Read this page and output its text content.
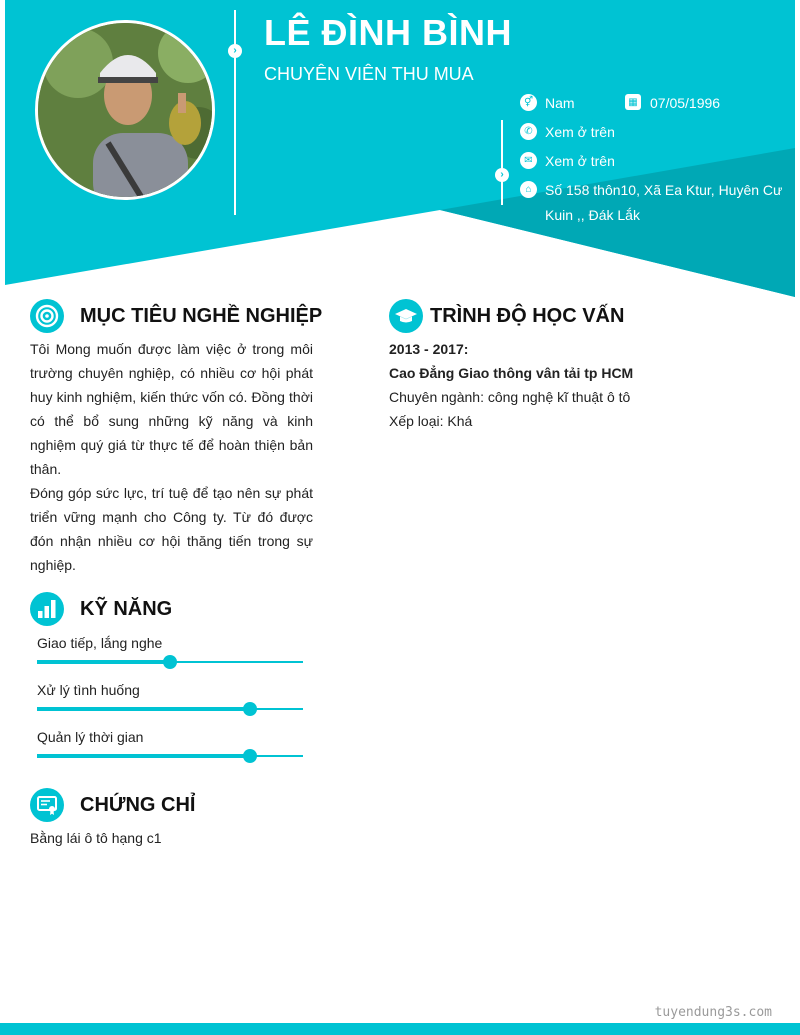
› LÊ ĐÌNH BÌNH
CHUYÊN VIÊN THU MUA
›
⚥ Nam	▦ 07/05/1996
✆ Xem ở trên
✉ Xem ở trên
⌂ Số 158 thôn10, Xã Ea Ktur, Huyên Cư
Kuin ,, Đák Lắk
MỤC TIÊU NGHỀ NGHIỆP

Tôi Mong muốn được làm việc ở trong môi trường chuyên nghiệp, có nhiều cơ hội phát huy kinh nghiệm, kiến thức vốn có. Đồng thời có thể bổ sung những kỹ năng và kinh nghiệm quý giá từ thực tế để hoàn thiện bản thân.

Đóng góp sức lực, trí tuệ để tạo nên sự phát triển vững mạnh cho Công ty. Từ đó được đón nhận nhiều cơ hội thăng tiến trong sự nghiệp.

TRÌNH ĐỘ HỌC VẤN
2013 - 2017:
Cao Đẳng Giao thông vân tải tp HCM
Chuyên ngành: công nghệ kĩ thuật ô tô
Xếp loại: Khá
KỸ NĂNG
Giao tiếp, lắng nghe
Xử lý tình huống
Quản lý thời gian
CHỨNG CHỈ
Bằng lái ô tô hạng c1
tuyendung3s.com
